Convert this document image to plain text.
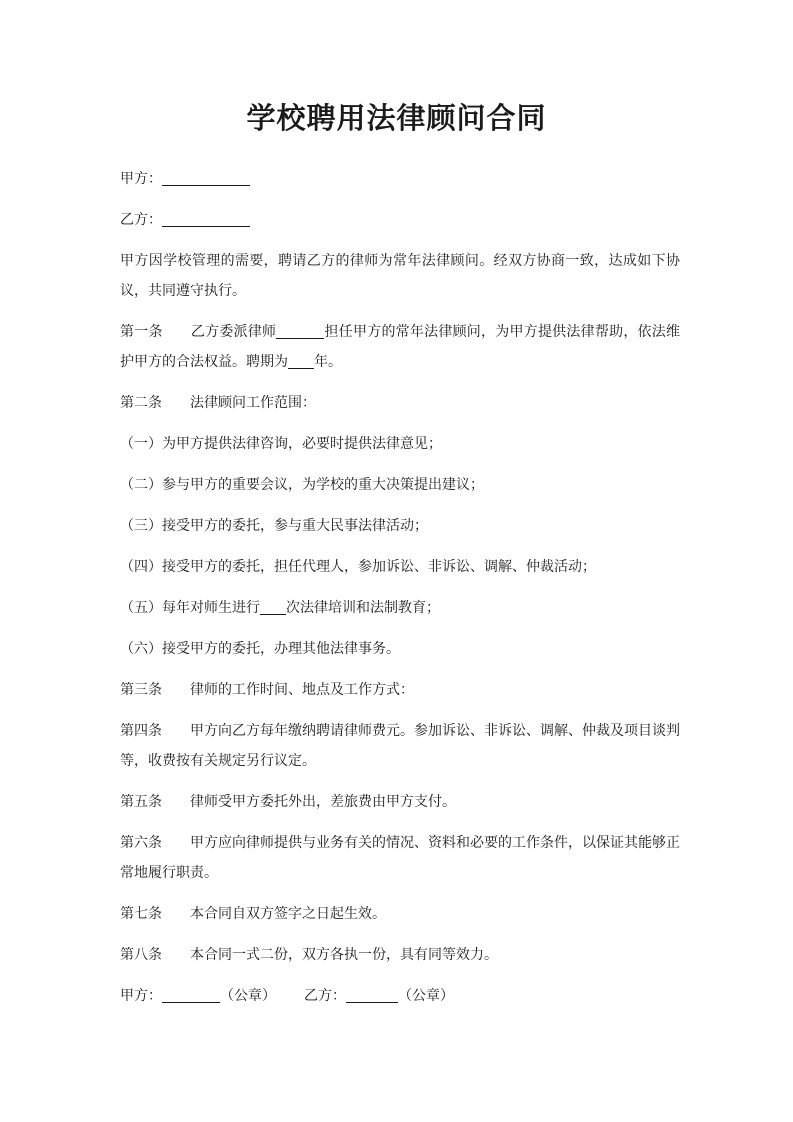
学校聘用法律顾问合同

甲方：

乙方：

甲方因学校管理的需要，聘请乙方的律师为常年法律顾问。经双方协商一致，达成如下协议，共同遵守执行。

第一条 乙方委派律师	担任甲方的常年法律顾问，为甲方提供法律帮助，依法维护甲方的合法权益。聘期为 年。

第二条 法律顾问工作范围：

（一）为甲方提供法律咨询，必要时提供法律意见；

（二）参与甲方的重要会议，为学校的重大决策提出建议；

（三）接受甲方的委托，参与重大民事法律活动；

（四）接受甲方的委托，担任代理人，参加诉讼、非诉讼、调解、仲裁活动；

（五）每年对师生进行 次法律培训和法制教育；

（六）接受甲方的委托，办理其他法律事务。

第三条 律师的工作时间、地点及工作方式：

第四条 甲方向乙方每年缴纳聘请律师费元。参加诉讼、非诉讼、调解、仲裁及项目谈判等，收费按有关规定另行议定。

第五条 律师受甲方委托外出，差旅费由甲方支付。

第六条 甲方应向律师提供与业务有关的情况、资料和必要的工作条件，以保证其能够正常地履行职责。

第七条 本合同自双方签字之日起生效。

第八条 本合同一式二份，双方各执一份，具有同等效力。

甲方：	（公章） 乙方：	（公章）
